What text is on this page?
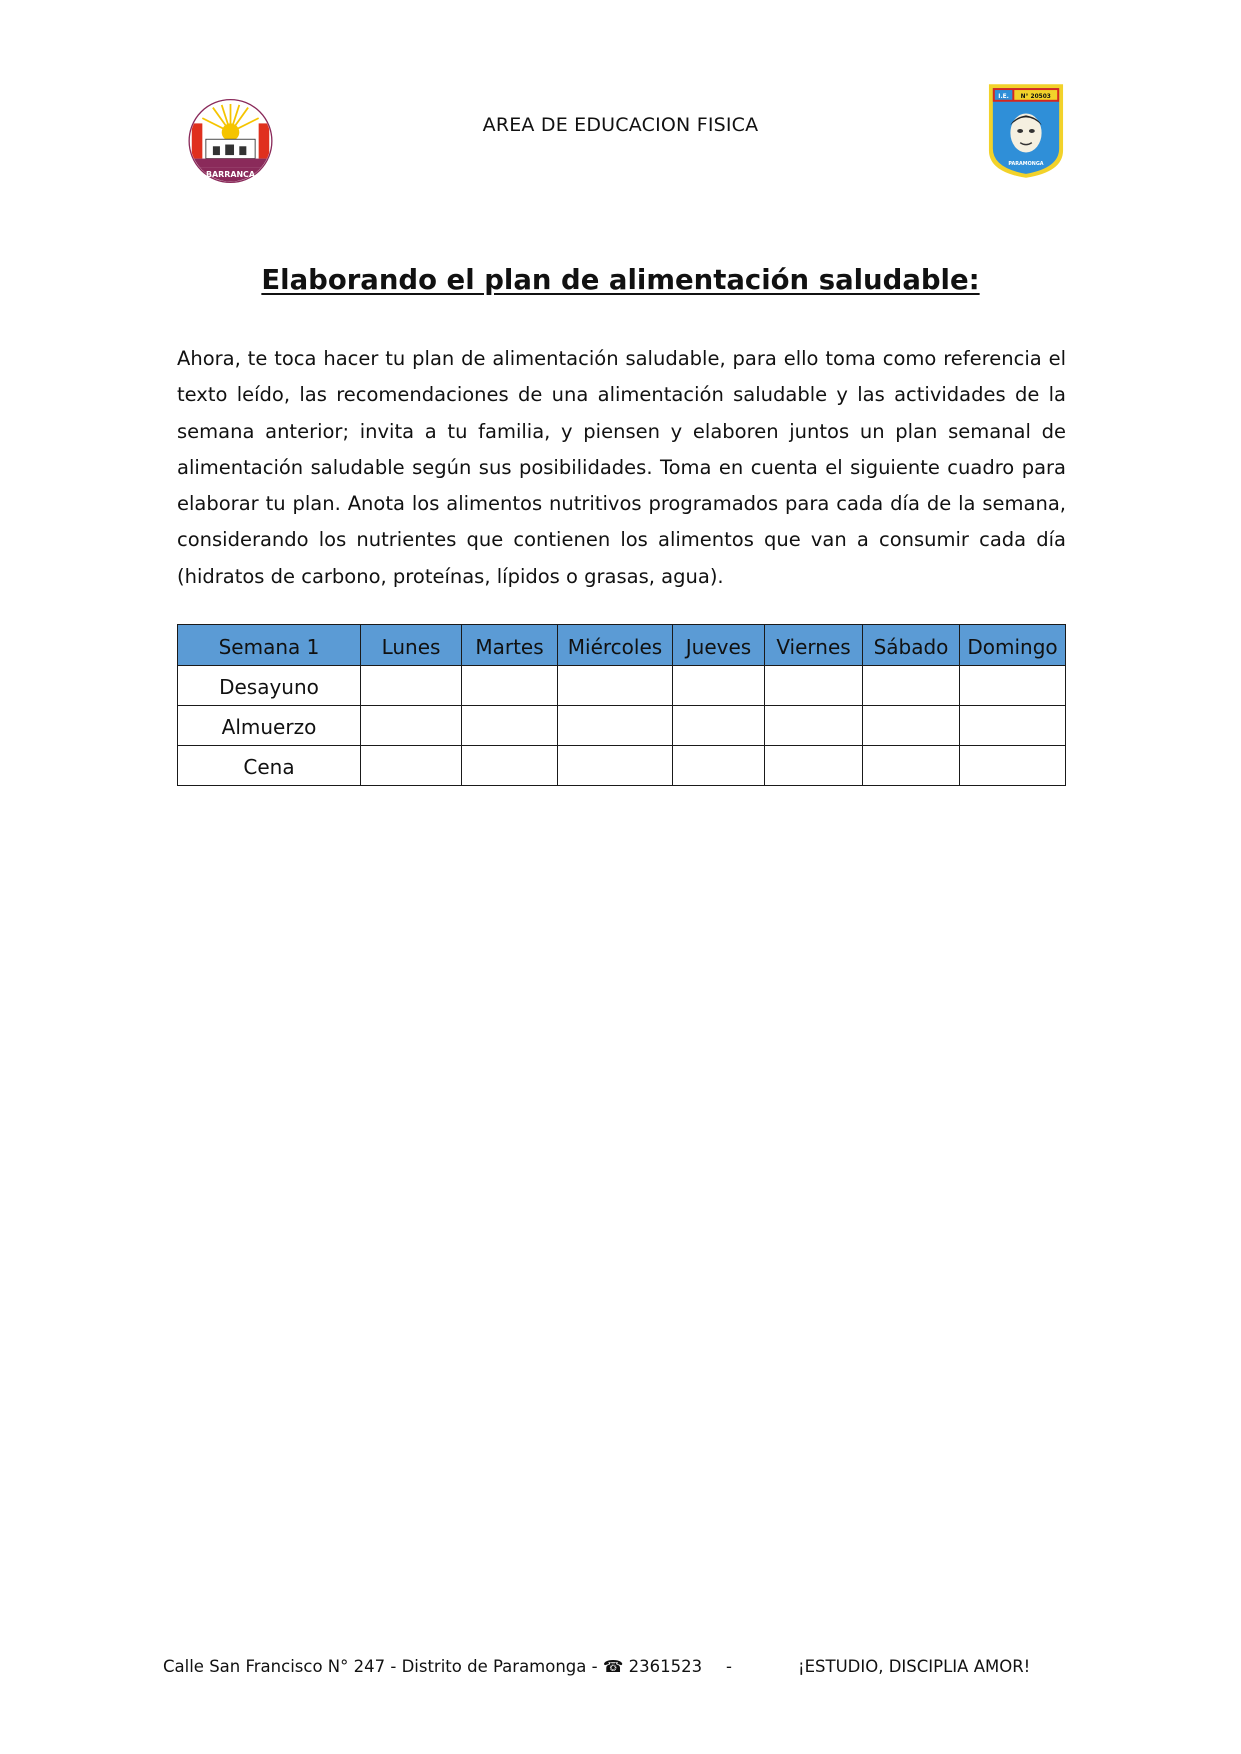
BARRANCA
AREA DE EDUCACION FISICA
I.E. N° 20503
PARAMONGA
Elaborando el plan de alimentación saludable:
Ahora, te toca hacer tu plan de alimentación saludable, para ello toma como referencia el texto leído, las recomendaciones de una alimentación saludable y las actividades de la semana anterior; invita a tu familia, y piensen y elaboren juntos un plan semanal de alimentación saludable según sus posibilidades. Toma en cuenta el siguiente cuadro para elaborar tu plan. Anota los alimentos nutritivos programados para cada día de la semana, considerando los nutrientes que contienen los alimentos que van a consumir cada día (hidratos de carbono, proteínas, lípidos o grasas, agua).
Semana 1	Lunes	Martes	Miércoles	Jueves	Viernes	Sábado	Domingo
Desayuno							
Almuerzo							
Cena							
Calle San Francisco N° 247 - Distrito de Paramonga - ☎ 2361523 -	¡ESTUDIO, DISCIPLIA AMOR!
